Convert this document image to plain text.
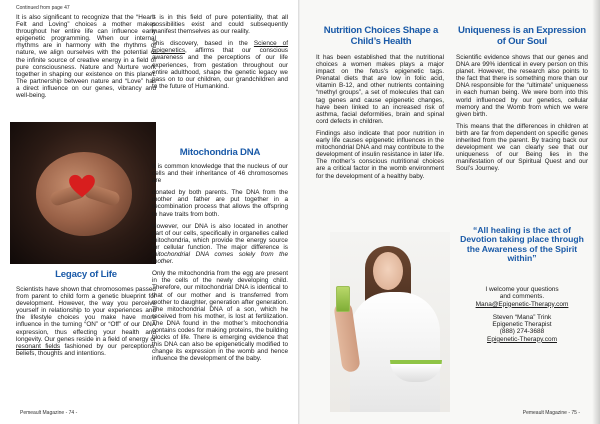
Continued from page 47

It is also significant to recognize that the “Heart-Felt and Loving” choices a mother makes throughout her entire life can influence early epigenetic programming. When our internal rhythms are in harmony with the rhythms of nature, we align ourselves with the potential of the infinite source of creative energy in a field of pure consciousness. Nature and Nurture work together in shaping our existence on this planet. The partnership between nature and “Love” has a direct influence on our genes, vibrancy and well-being.

Legacy of Life

Scientists have shown that chromosomes passed from parent to child form a genetic blueprint for development. However, the way you perceive yourself in relationship to your experiences and the lifestyle choices you make have more influence in the turning “ON” or “Off” of our DNA expression, thus effecting your health and longevity. Our genes reside in a field of energy or resonant fields fashioned by our perceptions, beliefs, thoughts and intentions.

It is in this field of pure potentiality, that all possibilities exist and could subsequently manifest themselves as our reality.

This discovery, based in the Science of Epigenetics, affirms that our conscious awareness and the perceptions of our life experiences, from gestation throughout our entire adulthood, shape the genetic legacy we pass on to our children, our grandchildren and to the future of Humankind.

Mitochondria DNA

It is common knowledge that the nucleus of our cells and their inheritance of 46 chromosomes are

donated by both parents. The DNA from the mother and father are put together in a recombination process that allows the offspring to have traits from both.

However, our DNA is also located in another part of our cells, specifically in organelles called mitochondria, which provide the energy source for cellular function. The major difference is mitochondrial DNA comes solely from the mother.

Only the mitochondria from the egg are present in the cells of the newly developing child. Therefore, our mitochondrial DNA is identical to that of our mother and is transferred from mother to daughter, generation after generation. The mitochondrial DNA of a son, which he received from his mother, is lost at fertilization. The DNA found in the mother’s mitochondria contains codes for making proteins, the building blocks of life. There is emerging evidence that this DNA can also be epigenetically modified to change its expression in the womb and hence influence the development of the baby.

Pemeault Magazine - 74 -
Nutrition Choices Shape a Child’s Health

It has been established that the nutritional choices a women makes plays a major impact on the fetus’s epigenetic tags. Prenatal diets that are low in folic acid, vitamin B-12, and other nutrients containing “methyl groups”, a set of molecules that can tag genes and cause epigenetic changes, have been linked to an increased risk of asthma, facial deformities, brain and spinal cord defects in children.

Findings also indicate that poor nutrition in early life causes epigenetic influences in the mitochondrial DNA and may contribute to the development of insulin resistance in later life. The mother’s conscious nutritional choices are a critical factor in the womb environment for the development of a healthy baby.

Uniqueness is an Expression of Our Soul

Scientific evidence shows that our genes and DNA are 99% identical in every person on this planet. However, the research also points to the fact that there is something more than our DNA responsible for the “ultimate” uniqueness in each human being. We were born into this world influenced by our genetics, cellular memory and the Womb from which we were given birth.

This means that the differences in children at birth are far from dependent on specific genes inherited from the parent. By tracing back our development we can clearly see that our uniqueness of our Being lies in the manifestation of our Spiritual Quest and our Soul’s Journey.

“All healing is the act of Devotion taking place through the Awareness of the Spirit within”
I welcome your questions
and comments.
Mana@Epigenetic-Therapy.com
Steven “Mana” Trink
Epigenetic Therapist
(888) 274-3688
Epigenetic-Therapy.com
Pemeault Magazine - 75 -
